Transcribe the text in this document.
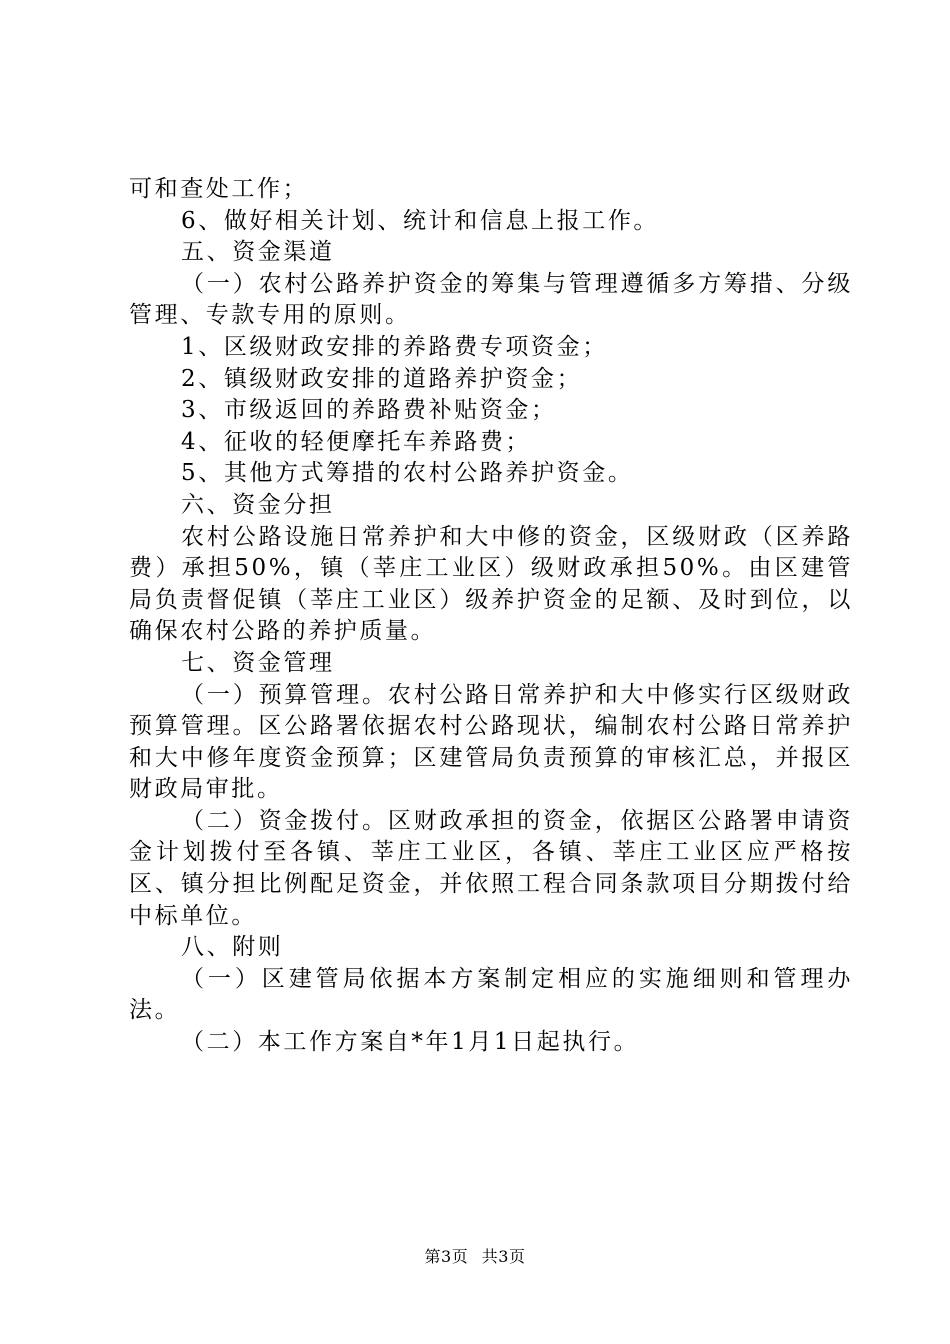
可和查处工作；

6、做好相关计划、统计和信息上报工作。

五、资金渠道

（一）农村公路养护资金的筹集与管理遵循多方筹措、分级管理、专款专用的原则。

1、区级财政安排的养路费专项资金；

2、镇级财政安排的道路养护资金；

3、市级返回的养路费补贴资金；

4、征收的轻便摩托车养路费；

5、其他方式筹措的农村公路养护资金。

六、资金分担

农村公路设施日常养护和大中修的资金，区级财政（区养路费）承担50%，镇（莘庄工业区）级财政承担50%。由区建管局负责督促镇（莘庄工业区）级养护资金的足额、及时到位，以确保农村公路的养护质量。

七、资金管理

（一）预算管理。农村公路日常养护和大中修实行区级财政预算管理。区公路署依据农村公路现状，编制农村公路日常养护和大中修年度资金预算；区建管局负责预算的审核汇总，并报区财政局审批。

（二）资金拨付。区财政承担的资金，依据区公路署申请资金计划拨付至各镇、莘庄工业区，各镇、莘庄工业区应严格按区、镇分担比例配足资金，并依照工程合同条款项目分期拨付给中标单位。

八、附则

（一）区建管局依据本方案制定相应的实施细则和管理办法。

（二）本工作方案自*年1月1日起执行。

第3页 共3页
